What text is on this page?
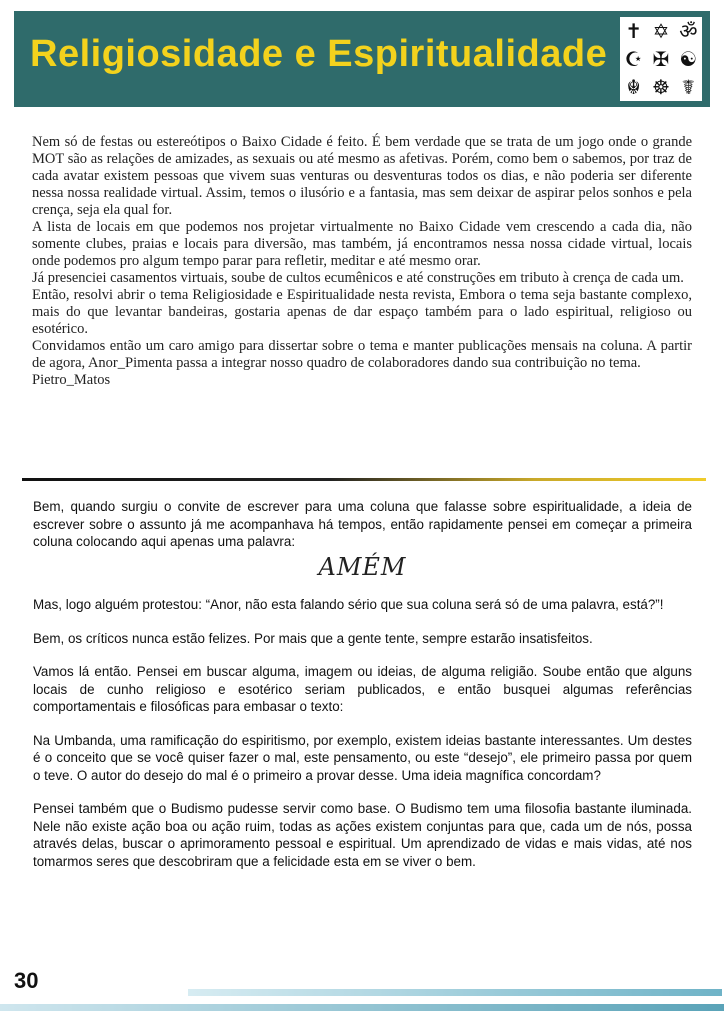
Religiosidade e Espiritualidade
✝ ✡ ॐ
☪ ✠ ☯
☬ ☸ ☤

Nem só de festas ou estereótipos o Baixo Cidade é feito. É bem verdade que se trata de um jogo onde o grande MOT são as relações de amizades, as sexuais ou até mesmo as afetivas. Porém, como bem o sabemos, por traz de cada avatar existem pessoas que vivem suas venturas ou desventuras todos os dias, e não poderia ser diferente nessa nossa realidade virtual. Assim, temos o ilusório e a fantasia, mas sem deixar de aspirar pelos sonhos e pela crença, seja ela qual for.

A lista de locais em que podemos nos projetar virtualmente no Baixo Cidade vem crescendo a cada dia, não somente clubes, praias e locais para diversão, mas também, já encontramos nessa nossa cidade virtual, locais onde podemos pro algum tempo parar para refletir, meditar e até mesmo orar.

Já presenciei casamentos virtuais, soube de cultos ecumênicos e até construções em tributo à crença de cada um.

Então, resolvi abrir o tema Religiosidade e Espiritualidade nesta revista, Embora o tema seja bastante complexo, mais do que levantar bandeiras, gostaria apenas de dar espaço também para o lado espiritual, religioso ou esotérico.

Convidamos então um caro amigo para dissertar sobre o tema e manter publicações mensais na coluna. A partir de agora, Anor_Pimenta passa a integrar nosso quadro de colaboradores dando sua contribuição no tema.

Pietro_Matos

Bem, quando surgiu o convite de escrever para uma coluna que falasse sobre espiritualidade, a ideia de escrever sobre o assunto já me acompanhava há tempos, então rapidamente pensei em começar a primeira coluna colocando aqui apenas uma palavra:

AMÉM

Mas, logo alguém protestou: “Anor, não esta falando sério que sua coluna será só de uma palavra, está?”!

Bem, os críticos nunca estão felizes. Por mais que a gente tente, sempre estarão insatisfeitos.

Vamos lá então. Pensei em buscar alguma, imagem ou ideias, de alguma religião. Soube então que alguns locais de cunho religioso e esotérico seriam publicados, e então busquei algumas referências comportamentais e filosóficas para embasar o texto:

Na Umbanda, uma ramificação do espiritismo, por exemplo, existem ideias bastante interessantes. Um destes é o conceito que se você quiser fazer o mal, este pensamento, ou este “desejo”, ele primeiro passa por quem o teve. O autor do desejo do mal é o primeiro a provar desse. Uma ideia magnífica concordam?

Pensei também que o Budismo pudesse servir como base. O Budismo tem uma filosofia bastante iluminada. Nele não existe ação boa ou ação ruim, todas as ações existem conjuntas para que, cada um de nós, possa através delas, buscar o aprimoramento pessoal e espiritual. Um aprendizado de vidas e mais vidas, até nos tomarmos seres que descobriram que a felicidade esta em se viver o bem.

30
